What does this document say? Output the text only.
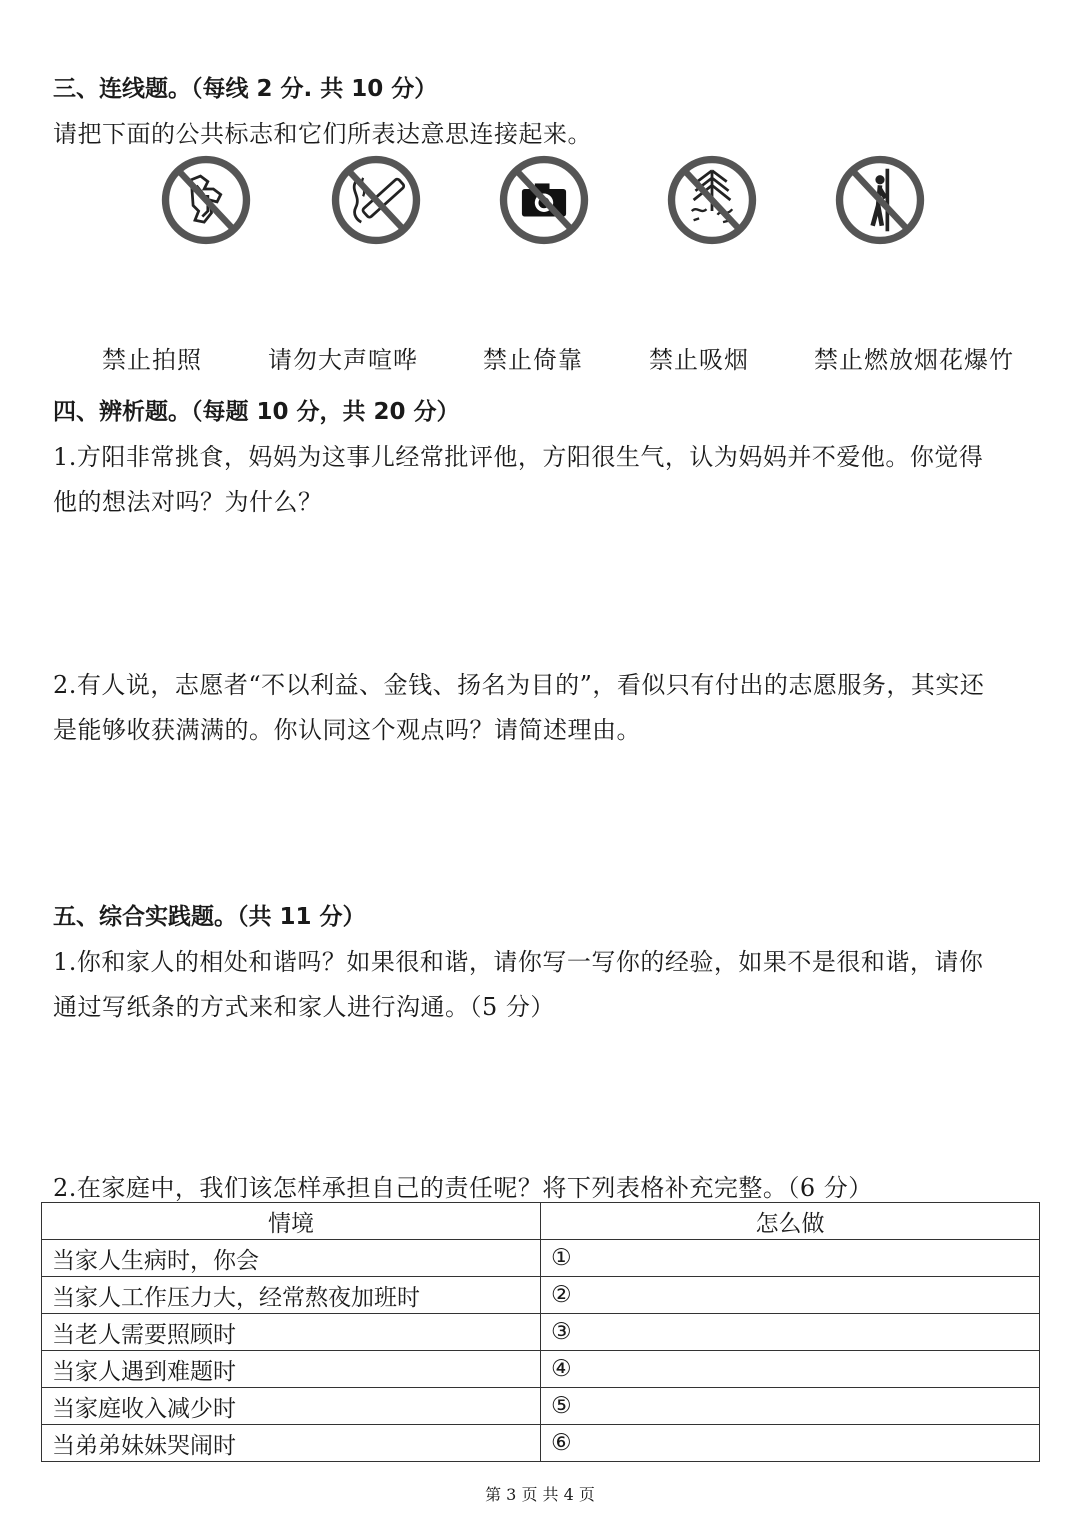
三、连线题。（每线 2 分. 共 10 分）
请把下面的公共标志和它们所表达意思连接起来。
禁止拍照	请勿大声喧哗	禁止倚靠	禁止吸烟	禁止燃放烟花爆竹
四、辨析题。（每题 10 分，共 20 分）
1.方阳非常挑食，妈妈为这事儿经常批评他，方阳很生气，认为妈妈并不爱他。你觉得
他的想法对吗？为什么？
2.有人说，志愿者“不以利益、金钱、扬名为目的”，看似只有付出的志愿服务，其实还
是能够收获满满的。你认同这个观点吗？请简述理由。
五、综合实践题。（共 11 分）
1.你和家人的相处和谐吗？如果很和谐，请你写一写你的经验，如果不是很和谐，请你
通过写纸条的方式来和家人进行沟通。（5 分）
2.在家庭中，我们该怎样承担自己的责任呢？将下列表格补充完整。（6 分）
情境	怎么做
当家人生病时，你会	①
当家人工作压力大，经常熬夜加班时	②
当老人需要照顾时	③
当家人遇到难题时	④
当家庭收入减少时	⑤
当弟弟妹妹哭闹时	⑥
第 3 页 共 4 页
